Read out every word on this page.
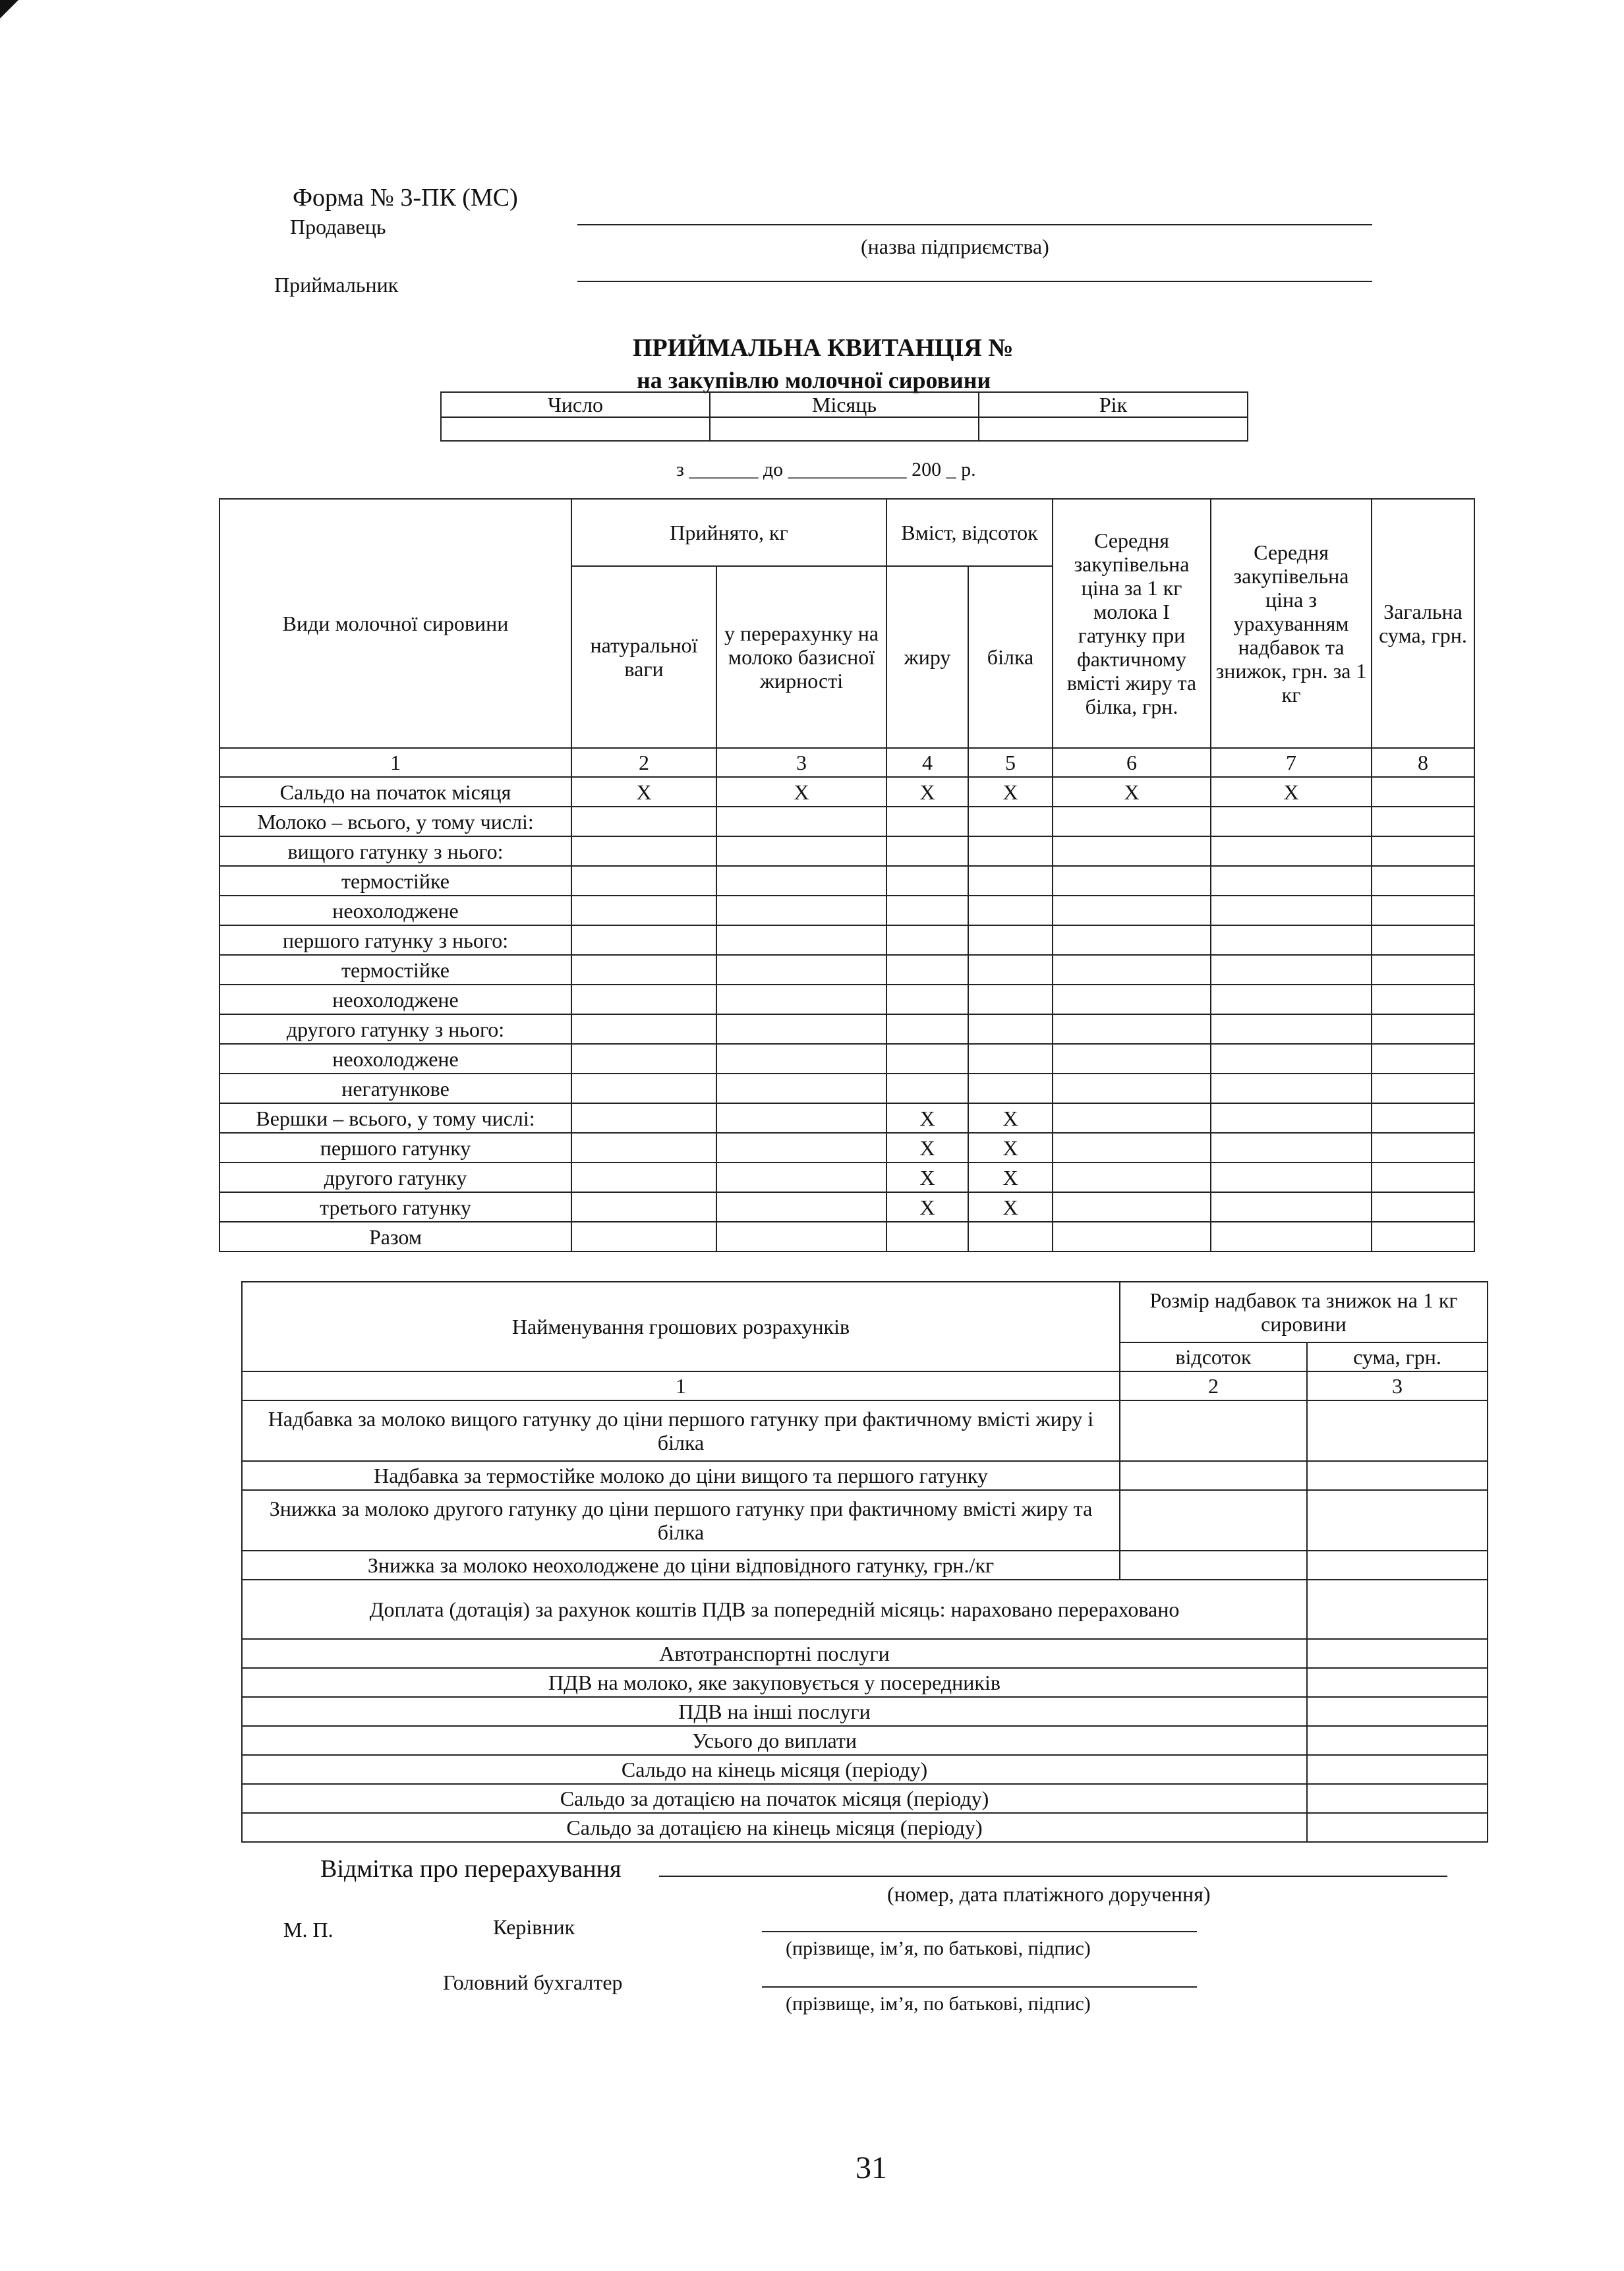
Форма № 3-ПК (МС)
Продавець
(назва підприємства)
Приймальник
ПРИЙМАЛЬНА КВИТАНЦІЯ №
на закупівлю молочної сировини
Число	Місяць	Рік

з _______ до ____________ 200 _ р.
Види молочної сировини	Прийнято, кг		Вміст, відсоток		Середня закупівельна ціна за 1 кг молока I гатунку при фактичному вмісті жиру та білка, грн.	Середня закупівельна ціна з урахуванням надбавок та знижок, грн. за 1 кг	Загальна сума, грн.
	натуральної ваги	у перерахунку на молоко базисної жирності	жиру	білка			
1	2	3	4	5	6	7	8
Сальдо на початок місяця	Х	Х	Х	Х	Х	Х	
Молоко – всього, у тому числі:							
вищого гатунку з нього:							
термостійке							
неохолоджене							
першого гатунку з нього:							
термостійке							
неохолоджене							
другого гатунку з нього:							
неохолоджене							
негатункове							
Вершки – всього, у тому числі:			Х	Х			
першого гатунку			Х	Х			
другого гатунку			Х	Х			
третього гатунку			Х	Х			
Разом							
Найменування грошових розрахунків	Розмір надбавок та знижок на 1 кг сировини	
	відсоток	сума, грн.
1	2	3
Надбавка за молоко вищого гатунку до ціни першого гатунку при фактичному вмісті жиру і білка		
Надбавка за термостійке молоко до ціни вищого та першого гатунку		
Знижка за молоко другого гатунку до ціни першого гатунку при фактичному вмісті жиру та білка		
Знижка за молоко неохолоджене до ціни відповідного гатунку, грн./кг		
Доплата (дотація) за рахунок коштів ПДВ за попередній місяць: нараховано перераховано		
Автотранспортні послуги		
ПДВ на молоко, яке закуповується у посередників		
ПДВ на інші послуги		
Усього до виплати		
Сальдо на кінець місяця (періоду)		
Сальдо за дотацією на початок місяця (періоду)		
Сальдо за дотацією на кінець місяця (періоду)		
Відмітка про перерахування
(номер, дата платіжного доручення)
М. П.	Керівник
(прізвище, ім’я, по батькові, підпис)
Головний бухгалтер
(прізвище, ім’я, по батькові, підпис)
31
